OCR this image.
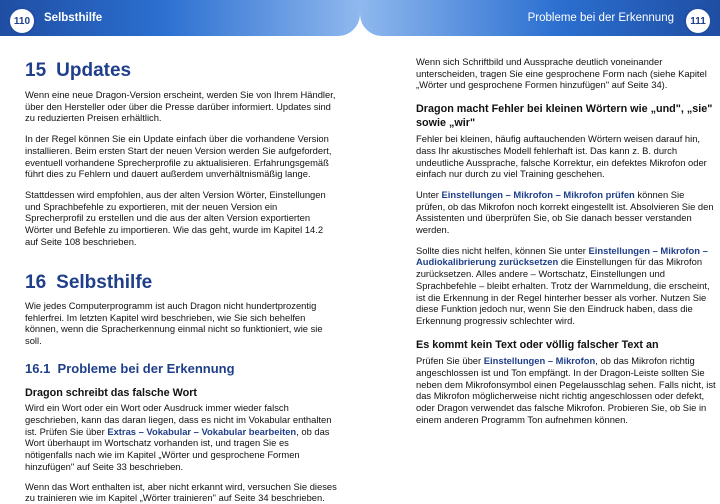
110	Selbsthilfe
15 Updates

Wenn eine neue Dragon-Version erscheint, werden Sie von Ihrem Händler, über den Hersteller oder über die Presse darüber informiert. Updates sind zu reduzierten Preisen erhältlich.

In der Regel können Sie ein Update einfach über die vorhandene Version installieren. Beim ersten Start der neuen Version werden Sie aufgefordert, eventuell vorhandene Sprecherprofile zu aktualisieren. Erfahrungsgemäß führt dies zu Fehlern und dauert außerdem unverhältnismäßig lange.

Stattdessen wird empfohlen, aus der alten Version Wörter, Einstellungen und Sprachbefehle zu exportieren, mit der neuen Version ein Sprecherprofil zu erstellen und die aus der alten Version exportierten Wörter und Befehle zu importieren. Wie das geht, wurde im Kapitel 14.2 auf Seite 108 beschrieben.

16 Selbsthilfe

Wie jedes Computerprogramm ist auch Dragon nicht hundertprozentig fehlerfrei. Im letzten Kapitel wird beschrieben, wie Sie sich behelfen können, wenn die Spracherkennung einmal nicht so funktioniert, wie sie soll.

16.1 Probleme bei der Erkennung
Dragon schreibt das falsche Wort

Wird ein Wort oder ein Wort oder Ausdruck immer wieder falsch geschrieben, kann das daran liegen, dass es nicht im Vokabular enthalten ist. Prüfen Sie über Extras – Vokabular – Vokabular bearbeiten, ob das Wort überhaupt im Wortschatz vorhanden ist, und tragen Sie es nötigenfalls nach wie im Kapitel „Wörter und gesprochene Formen hinzufügen" auf Seite 33 beschrieben.

Wenn das Wort enthalten ist, aber nicht erkannt wird, versuchen Sie dieses zu trainieren wie im Kapitel „Wörter trainieren" auf Seite 34 beschrieben.

Probleme bei der Erkennung	111

Wenn sich Schriftbild und Aussprache deutlich voneinander unterscheiden, tragen Sie eine gesprochene Form nach (siehe Kapitel „Wörter und gesprochene Formen hinzufügen" auf Seite 34).

Dragon macht Fehler bei kleinen Wörtern wie „und", „sie" sowie „wir"

Fehler bei kleinen, häufig auftauchenden Wörtern weisen darauf hin, dass Ihr akustisches Modell fehlerhaft ist. Das kann z. B. durch undeutliche Aussprache, falsche Korrektur, ein defektes Mikrofon oder einfach nur durch zu viel Training geschehen.

Unter Einstellungen – Mikrofon – Mikrofon prüfen können Sie prüfen, ob das Mikrofon noch korrekt eingestellt ist. Absolvieren Sie den Assistenten und überprüfen Sie, ob Sie danach besser verstanden werden.

Sollte dies nicht helfen, können Sie unter Einstellungen – Mikrofon – Audiokalibrierung zurücksetzen die Einstellungen für das Mikrofon zurücksetzen. Alles andere – Wortschatz, Einstellungen und Sprachbefehle – bleibt erhalten. Trotz der Warnmeldung, die erscheint, ist die Erkennung in der Regel hinterher besser als vorher. Nutzen Sie diese Funktion jedoch nur, wenn Sie den Eindruck haben, dass die Erkennung progressiv schlechter wird.

Es kommt kein Text oder völlig falscher Text an

Prüfen Sie über Einstellungen – Mikrofon, ob das Mikrofon richtig angeschlossen ist und Ton empfängt. In der Dragon-Leiste sollten Sie neben dem Mikrofonsymbol einen Pegelausschlag sehen. Falls nicht, ist das Mikrofon möglicherweise nicht richtig angeschlossen oder defekt, oder Dragon verwendet das falsche Mikrofon. Probieren Sie, ob Sie in einem anderen Programm Ton aufnehmen können.
